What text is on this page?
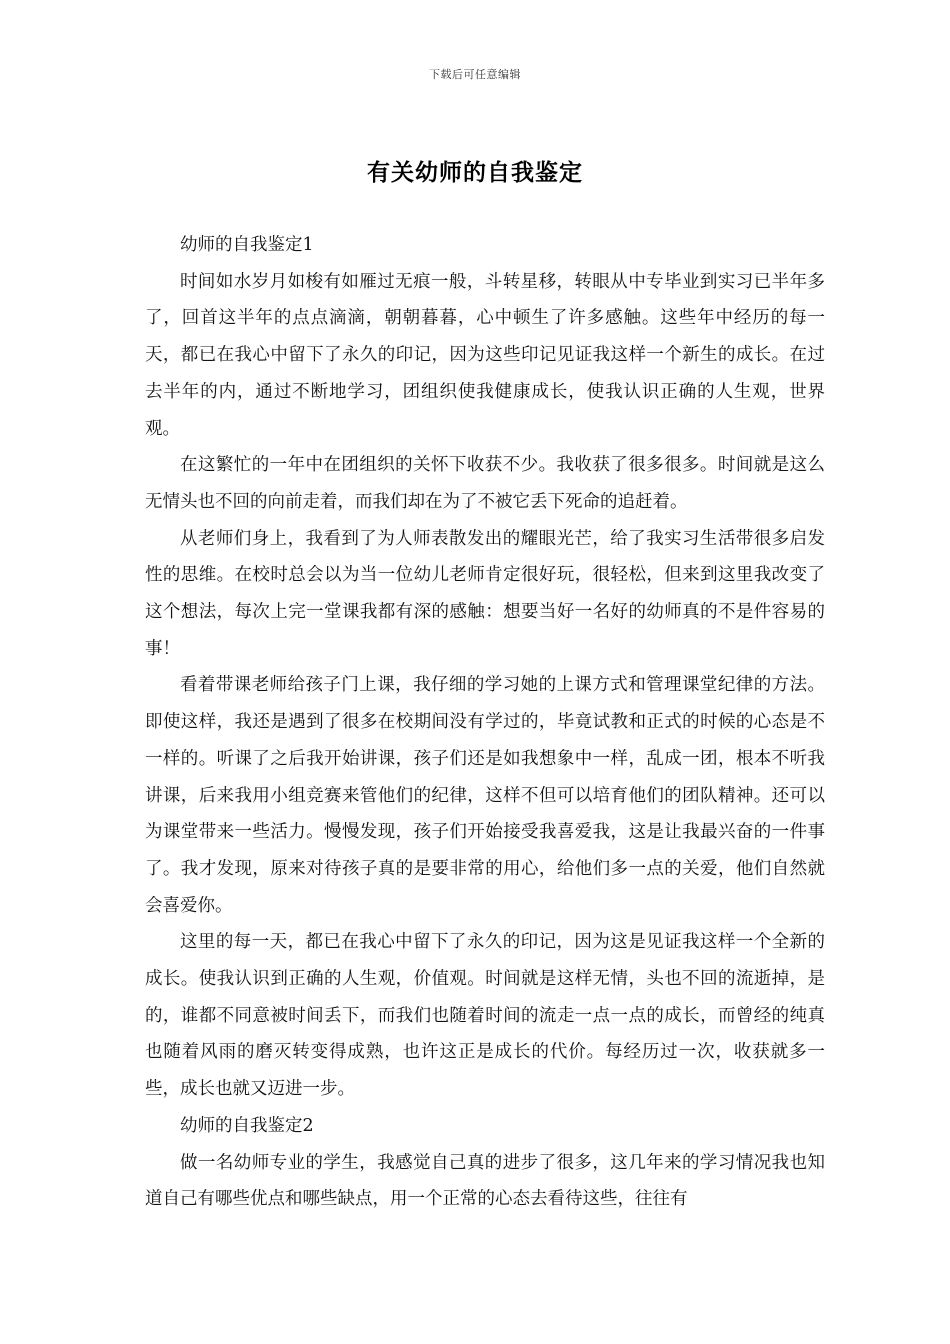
下载后可任意编辑
有关幼师的自我鉴定

幼师的自我鉴定1

时间如水岁月如梭有如雁过无痕一般，斗转星移，转眼从中专毕业到实习已半年多了，回首这半年的点点滴滴，朝朝暮暮，心中顿生了许多感触。这些年中经历的每一天，都已在我心中留下了永久的印记，因为这些印记见证我这样一个新生的成长。在过去半年的内，通过不断地学习，团组织使我健康成长，使我认识正确的人生观，世界观。

在这繁忙的一年中在团组织的关怀下收获不少。我收获了很多很多。时间就是这么无情头也不回的向前走着，而我们却在为了不被它丢下死命的追赶着。

从老师们身上，我看到了为人师表散发出的耀眼光芒，给了我实习生活带很多启发性的思维。在校时总会以为当一位幼儿老师肯定很好玩，很轻松，但来到这里我改变了这个想法，每次上完一堂课我都有深的感触：想要当好一名好的幼师真的不是件容易的事！

看着带课老师给孩子门上课，我仔细的学习她的上课方式和管理课堂纪律的方法。即使这样，我还是遇到了很多在校期间没有学过的，毕竟试教和正式的时候的心态是不一样的。听课了之后我开始讲课，孩子们还是如我想象中一样，乱成一团，根本不听我讲课，后来我用小组竞赛来管他们的纪律，这样不但可以培育他们的团队精神。还可以为课堂带来一些活力。慢慢发现，孩子们开始接受我喜爱我，这是让我最兴奋的一件事了。我才发现，原来对待孩子真的是要非常的用心，给他们多一点的关爱，他们自然就会喜爱你。

这里的每一天，都已在我心中留下了永久的印记，因为这是见证我这样一个全新的成长。使我认识到正确的人生观，价值观。时间就是这样无情，头也不回的流逝掉，是的，谁都不同意被时间丢下，而我们也随着时间的流走一点一点的成长，而曾经的纯真也随着风雨的磨灭转变得成熟，也许这正是成长的代价。每经历过一次，收获就多一些，成长也就又迈进一步。

幼师的自我鉴定2

做一名幼师专业的学生，我感觉自己真的进步了很多，这几年来的学习情况我也知道自己有哪些优点和哪些缺点，用一个正常的心态去看待这些，往往有
